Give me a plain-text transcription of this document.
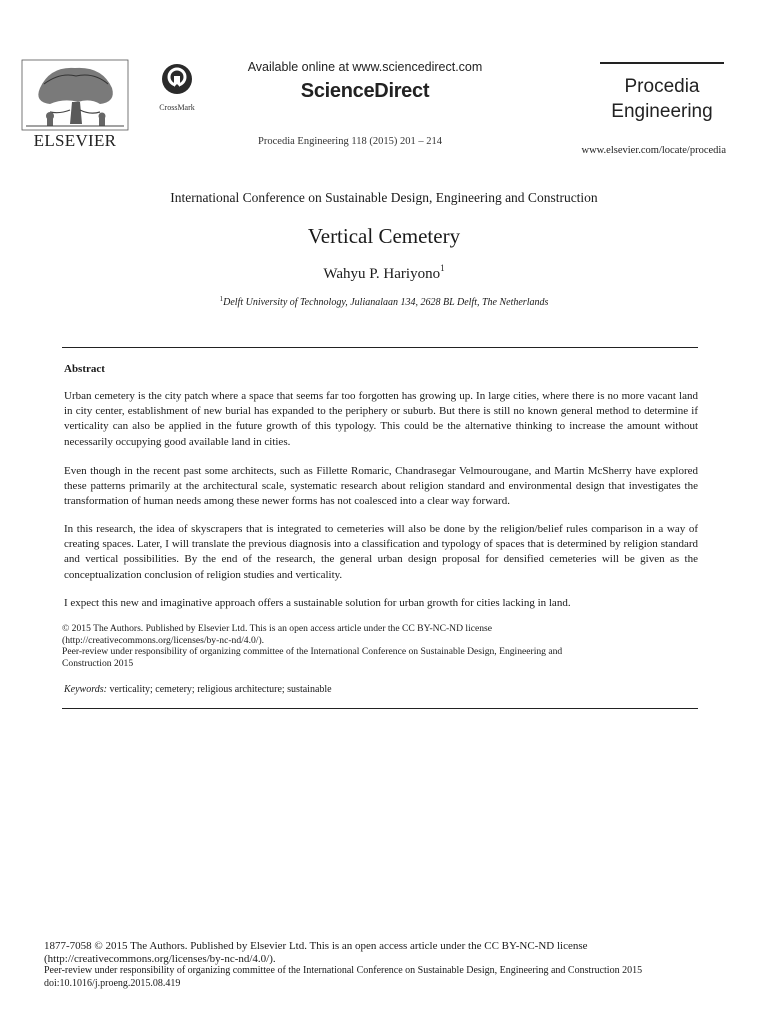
ELSEVIER
CrossMark
Available online at www.sciencedirect.com
ScienceDirect
Procedia Engineering 118 (2015) 201 – 214
Procedia
Engineering
www.elsevier.com/locate/procedia
International Conference on Sustainable Design, Engineering and Construction
Vertical Cemetery
Wahyu P. Hariyono$^1$
$^1$Delft University of Technology, Julianalaan 134, 2628 BL Delft, The Netherlands
Abstract
Urban cemetery is the city patch where a space that seems far too forgotten has growing up. In large cities, where there is no more vacant land in city center, establishment of new burial has expanded to the periphery or suburb. But there is still no known general method to determine if verticality can also be applied in the future growth of this typology. This could be the alternative thinking to increase the amount without necessarily occupying good available land in cities.
Even though in the recent past some architects, such as Fillette Romaric, Chandrasegar Velmourougane, and Martin McSherry have explored these patterns primarily at the architectural scale, systematic research about religion standard and environmental design that investigates the transformation of human needs among these newer forms has not coalesced into a clear way forward.
In this research, the idea of skyscrapers that is integrated to cemeteries will also be done by the religion/belief rules comparison in a way of creating spaces. Later, I will translate the previous diagnosis into a classification and typology of spaces that is determined by religion standard and vertical possibilities. By the end of the research, the general urban design proposal for densified cemeteries will be given as the conceptualization conclusion of religion studies and verticality.
I expect this new and imaginative approach offers a sustainable solution for urban growth for cities lacking in land.
© 2015 The Authors. Published by Elsevier Ltd. This is an open access article under the CC BY-NC-ND license
(http://creativecommons.org/licenses/by-nc-nd/4.0/).
Peer-review under responsibility of organizing committee of the International Conference on Sustainable Design, Engineering and
Construction 2015
Keywords: verticality; cemetery; religious architecture; sustainable
1877-7058 © 2015 The Authors. Published by Elsevier Ltd. This is an open access article under the CC BY-NC-ND license
(http://creativecommons.org/licenses/by-nc-nd/4.0/).
Peer-review under responsibility of organizing committee of the International Conference on Sustainable Design, Engineering and Construction 2015
doi:10.1016/j.proeng.2015.08.419
